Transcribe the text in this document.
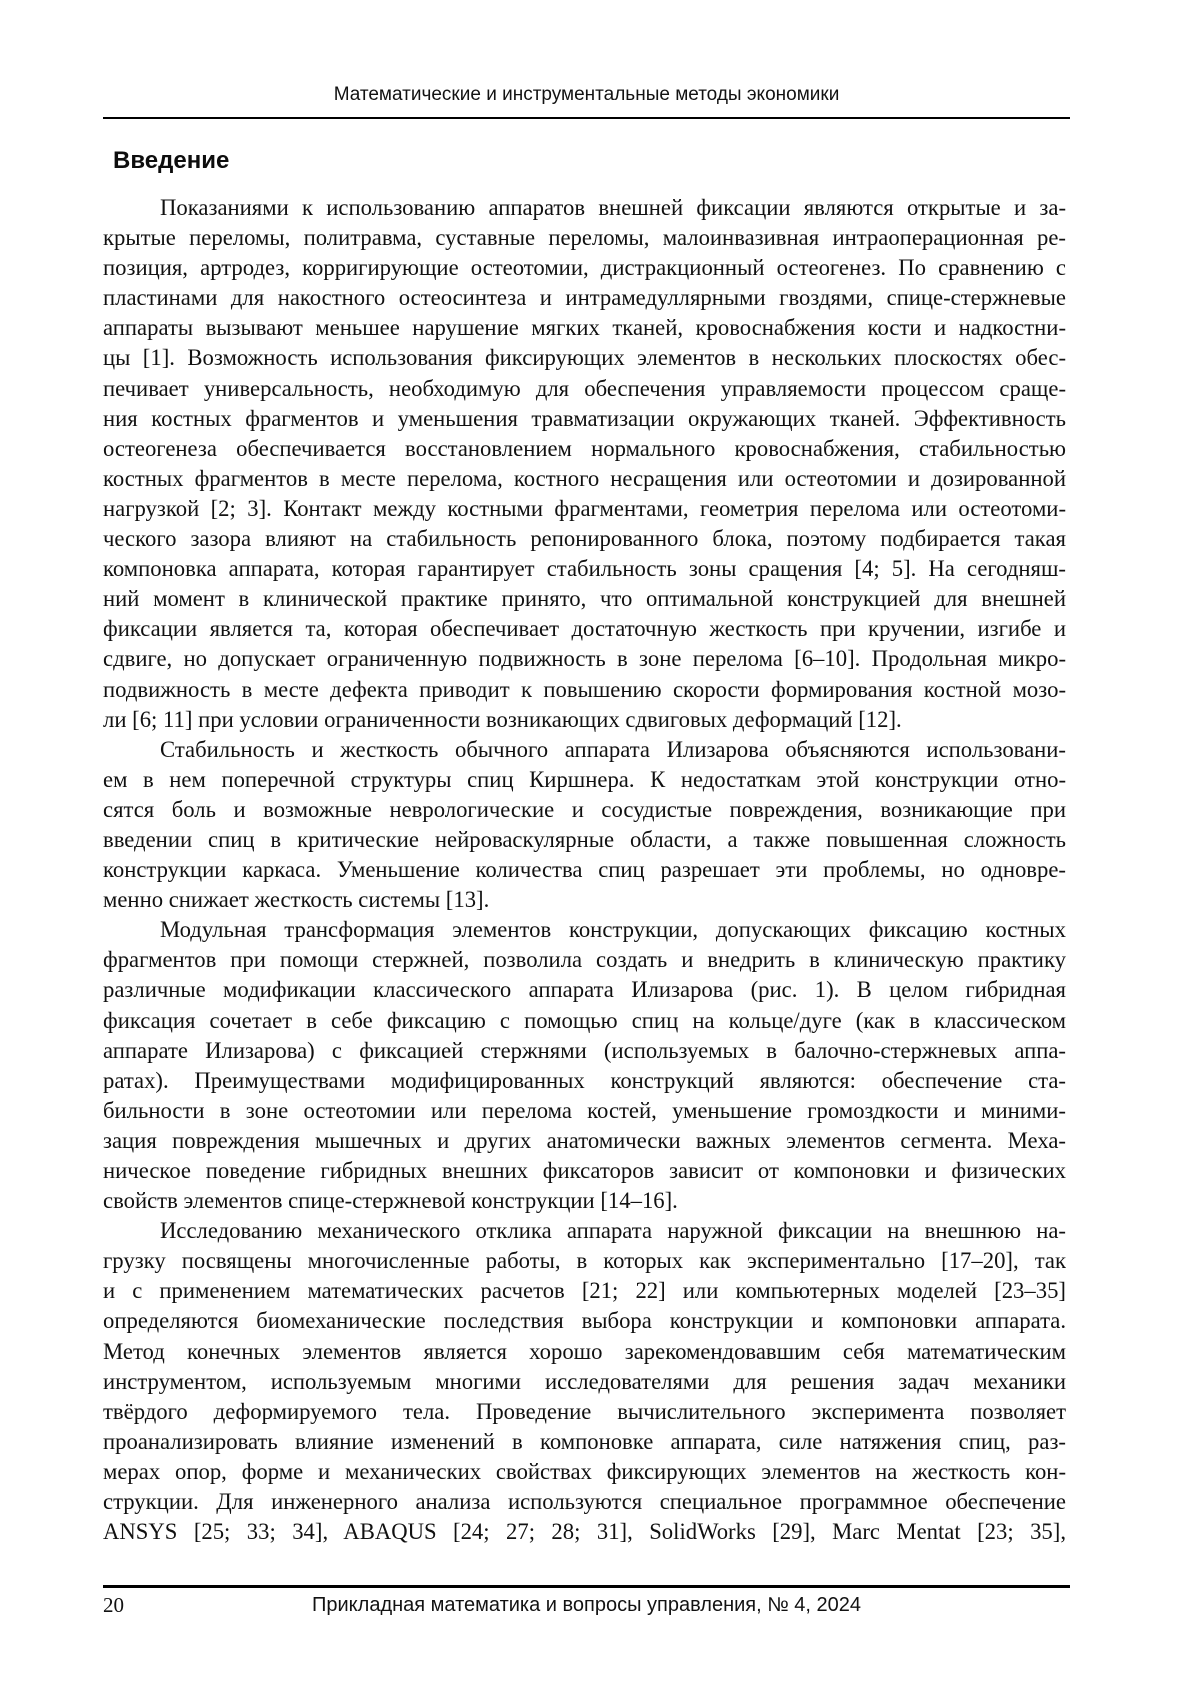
Математические и инструментальные методы экономики
Введение
Показаниями к использованию аппаратов внешней фиксации являются открытые и за-
крытые переломы, политравма, суставные переломы, малоинвазивная интраоперационная ре-
позиция, артродез, корригирующие остеотомии, дистракционный остеогенез. По сравнению с
пластинами для накостного остеосинтеза и интрамедуллярными гвоздями, спице-стержневые
аппараты вызывают меньшее нарушение мягких тканей, кровоснабжения кости и надкостни-
цы [1]. Возможность использования фиксирующих элементов в нескольких плоскостях обес-
печивает универсальность, необходимую для обеспечения управляемости процессом сраще-
ния костных фрагментов и уменьшения травматизации окружающих тканей. Эффективность
остеогенеза обеспечивается восстановлением нормального кровоснабжения, стабильностью
костных фрагментов в месте перелома, костного несращения или остеотомии и дозированной
нагрузкой [2; 3]. Контакт между костными фрагментами, геометрия перелома или остеотоми-
ческого зазора влияют на стабильность репонированного блока, поэтому подбирается такая
компоновка аппарата, которая гарантирует стабильность зоны сращения [4; 5]. На сегодняш-
ний момент в клинической практике принято, что оптимальной конструкцией для внешней
фиксации является та, которая обеспечивает достаточную жесткость при кручении, изгибе и
сдвиге, но допускает ограниченную подвижность в зоне перелома [6–10]. Продольная микро-
подвижность в месте дефекта приводит к повышению скорости формирования костной мозо-
ли [6; 11] при условии ограниченности возникающих сдвиговых деформаций [12].
Стабильность и жесткость обычного аппарата Илизарова объясняются использовани-
ем в нем поперечной структуры спиц Киршнера. К недостаткам этой конструкции отно-
сятся боль и возможные неврологические и сосудистые повреждения, возникающие при
введении спиц в критические нейроваскулярные области, а также повышенная сложность
конструкции каркаса. Уменьшение количества спиц разрешает эти проблемы, но одновре-
менно снижает жесткость системы [13].
Модульная трансформация элементов конструкции, допускающих фиксацию костных
фрагментов при помощи стержней, позволила создать и внедрить в клиническую практику
различные модификации классического аппарата Илизарова (рис. 1). В целом гибридная
фиксация сочетает в себе фиксацию с помощью спиц на кольце/дуге (как в классическом
аппарате Илизарова) с фиксацией стержнями (используемых в балочно-стержневых аппа-
ратах). Преимуществами модифицированных конструкций являются: обеспечение ста-
бильности в зоне остеотомии или перелома костей, уменьшение громоздкости и миними-
зация повреждения мышечных и других анатомически важных элементов сегмента. Меха-
ническое поведение гибридных внешних фиксаторов зависит от компоновки и физических
свойств элементов спице-стержневой конструкции [14–16].
Исследованию механического отклика аппарата наружной фиксации на внешнюю на-
грузку посвящены многочисленные работы, в которых как экспериментально [17–20], так
и с применением математических расчетов [21; 22] или компьютерных моделей [23–35]
определяются биомеханические последствия выбора конструкции и компоновки аппарата.
Метод конечных элементов является хорошо зарекомендовавшим себя математическим
инструментом, используемым многими исследователями для решения задач механики
твёрдого деформируемого тела. Проведение вычислительного эксперимента позволяет
проанализировать влияние изменений в компоновке аппарата, силе натяжения спиц, раз-
мерах опор, форме и механических свойствах фиксирующих элементов на жесткость кон-
струкции. Для инженерного анализа используются специальное программное обеспечение
ANSYS [25; 33; 34], ABAQUS [24; 27; 28; 31], SolidWorks [29], Marc Mentat [23; 35],
20	Прикладная математика и вопросы управления, № 4, 2024
